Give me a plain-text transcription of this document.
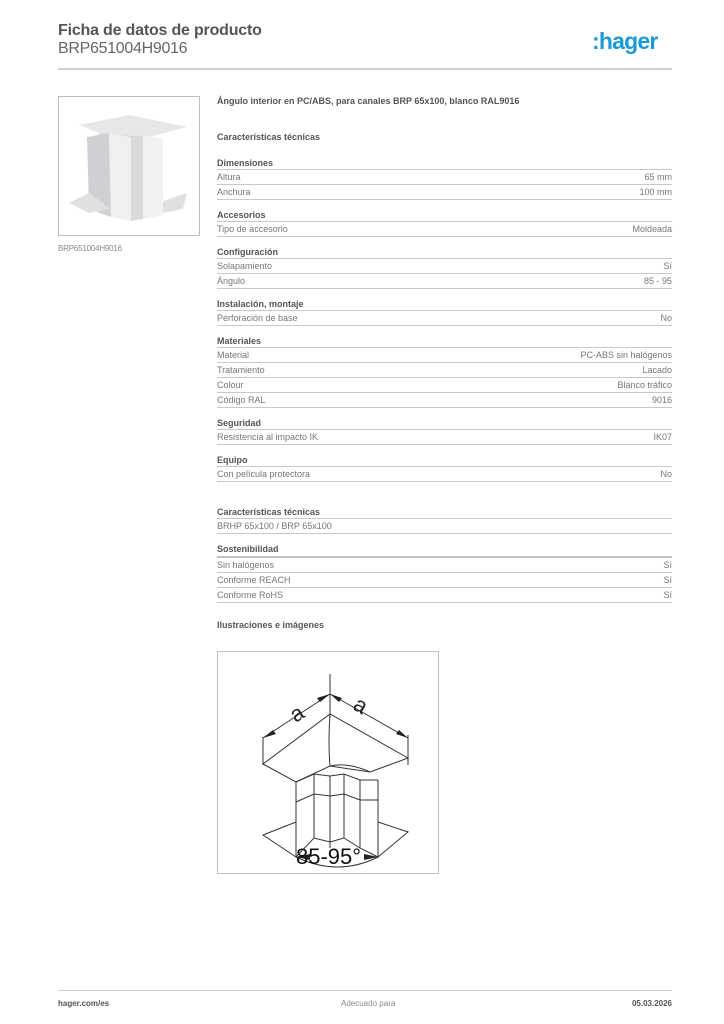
Ficha de datos de producto
BRP651004H9016	:hager
BRP651004H9016
Ángulo interior en PC/ABS, para canales BRP 65x100, blanco RAL9016
Características técnicas
Dimensiones
Altura	65 mm
Anchura	100 mm
Accesorios
Tipo de accesorio	Moldeada
Configuración
Solapamiento	Sí
Ángulo	85 - 95
Instalación, montaje
Perforación de base	No
Materiales
Material	PC-ABS sin halógenos
Tratamiento	Lacado
Colour	Blanco tráfico
Código RAL	9016
Seguridad
Resistencia al impacto IK	IK07
Equipo
Con película protectora	No
Características técnicas
BRHP 65x100 / BRP 65x100
Sostenibilidad
Sin halógenos	Sí
Conforme REACH	Sí
Conforme RoHS	Sí
Ilustraciones e imágenes
a a
85-95°
hager.com/es	Adecuado para	05.03.2026
